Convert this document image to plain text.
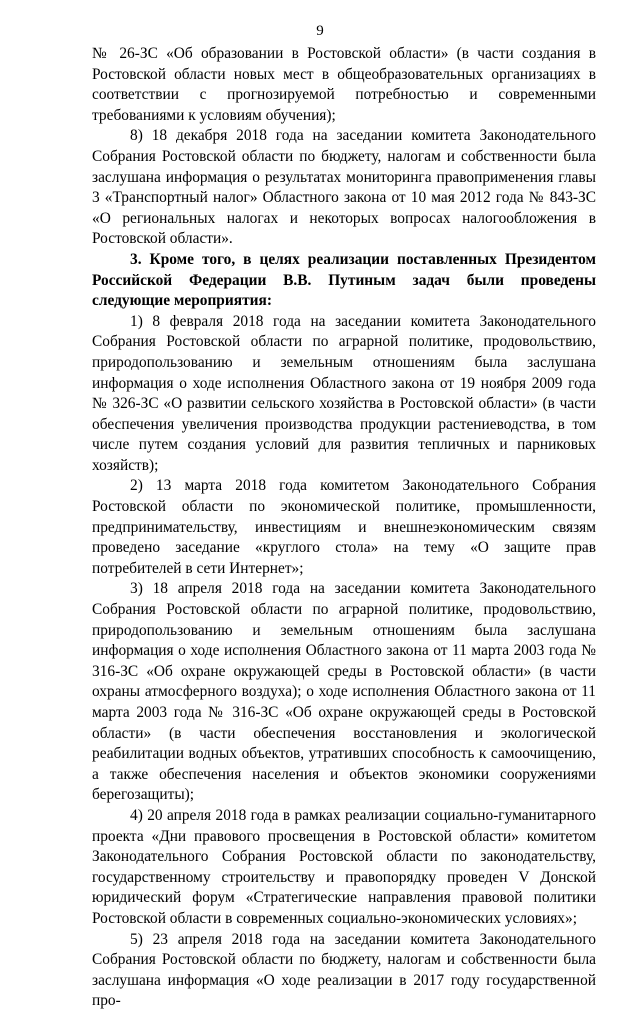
9

№ 26-ЗС «Об образовании в Ростовской области» (в части создания в Ростовской области новых мест в общеобразовательных организациях в соответствии с прогнозируемой потребностью и современными требованиями к условиям обучения);

8) 18 декабря 2018 года на заседании комитета Законодательного Собрания Ростовской области по бюджету, налогам и собственности была заслушана информация о результатах мониторинга правоприменения главы 3 «Транспортный налог» Областного закона от 10 мая 2012 года № 843-ЗС «О региональных налогах и некоторых вопросах налогообложения в Ростовской области».

3. Кроме того, в целях реализации поставленных Президентом Российской Федерации В.В. Путиным задач были проведены следующие мероприятия:

1) 8 февраля 2018 года на заседании комитета Законодательного Собрания Ростовской области по аграрной политике, продовольствию, природопользованию и земельным отношениям была заслушана информация о ходе исполнения Областного закона от 19 ноября 2009 года № 326-ЗС «О развитии сельского хозяйства в Ростовской области» (в части обеспечения увеличения производства продукции растениеводства, в том числе путем создания условий для развития тепличных и парниковых хозяйств);

2) 13 марта 2018 года комитетом Законодательного Собрания Ростовской области по экономической политике, промышленности, предпринимательству, инвестициям и внешнеэкономическим связям проведено заседание «круглого стола» на тему «О защите прав потребителей в сети Интернет»;

3) 18 апреля 2018 года на заседании комитета Законодательного Собрания Ростовской области по аграрной политике, продовольствию, природопользованию и земельным отношениям была заслушана информация о ходе исполнения Областного закона от 11 марта 2003 года № 316-ЗС «Об охране окружающей среды в Ростовской области» (в части охраны атмосферного воздуха); о ходе исполнения Областного закона от 11 марта 2003 года № 316-ЗС «Об охране окружающей среды в Ростовской области» (в части обеспечения восстановления и экологической реабилитации водных объектов, утративших способность к самоочищению, а также обеспечения населения и объектов экономики сооружениями берегозащиты);

4) 20 апреля 2018 года в рамках реализации социально-гуманитарного проекта «Дни правового просвещения в Ростовской области» комитетом Законодательного Собрания Ростовской области по законодательству, государственному строительству и правопорядку проведен V Донской юридический форум «Стратегические направления правовой политики Ростовской области в современных социально-экономических условиях»;

5) 23 апреля 2018 года на заседании комитета Законодательного Собрания Ростовской области по бюджету, налогам и собственности была заслушана информация «О ходе реализации в 2017 году государственной про-
